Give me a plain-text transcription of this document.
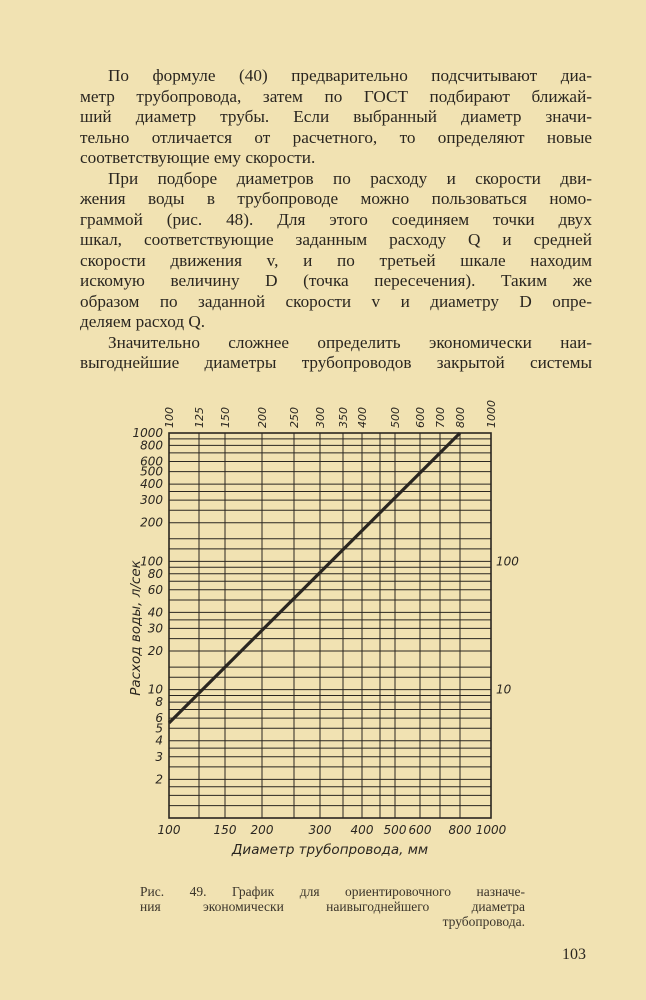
По формуле (40) предварительно подсчитывают диа-
метр трубопровода, затем по ГОСТ подбирают ближай-
ший диаметр трубы. Если выбранный диаметр значи-
тельно отличается от расчетного, то определяют новые
соответствующие ему скорости.
При подборе диаметров по расходу и скорости дви-
жения воды в трубопроводе можно пользоваться номо-
граммой (рис. 48). Для этого соединяем точки двух
шкал, соответствующие заданным расходу Q и средней
скорости движения v, и по третьей шкале находим
искомую величину D (точка пересечения). Таким же
образом по заданной скорости v и диаметру D опре-
деляем расход Q.
Значительно сложнее определить экономически наи-
выгоднейшие диаметры трубопроводов закрытой системы
100 125 150 200 250 300 350 400 500 600 700 800 1000
100	150 200	300 400 500 600 800 1000
1000
800
600
500
400
300
200
100
80
60
40
30
20
10
8
6
5
4
3
2
100
10
Диаметр трубопровода, мм
Расход воды, л/сек
Рис. 49. График для ориентировочного назначе-
ния экономически наивыгоднейшего диаметра
трубопровода.
103
